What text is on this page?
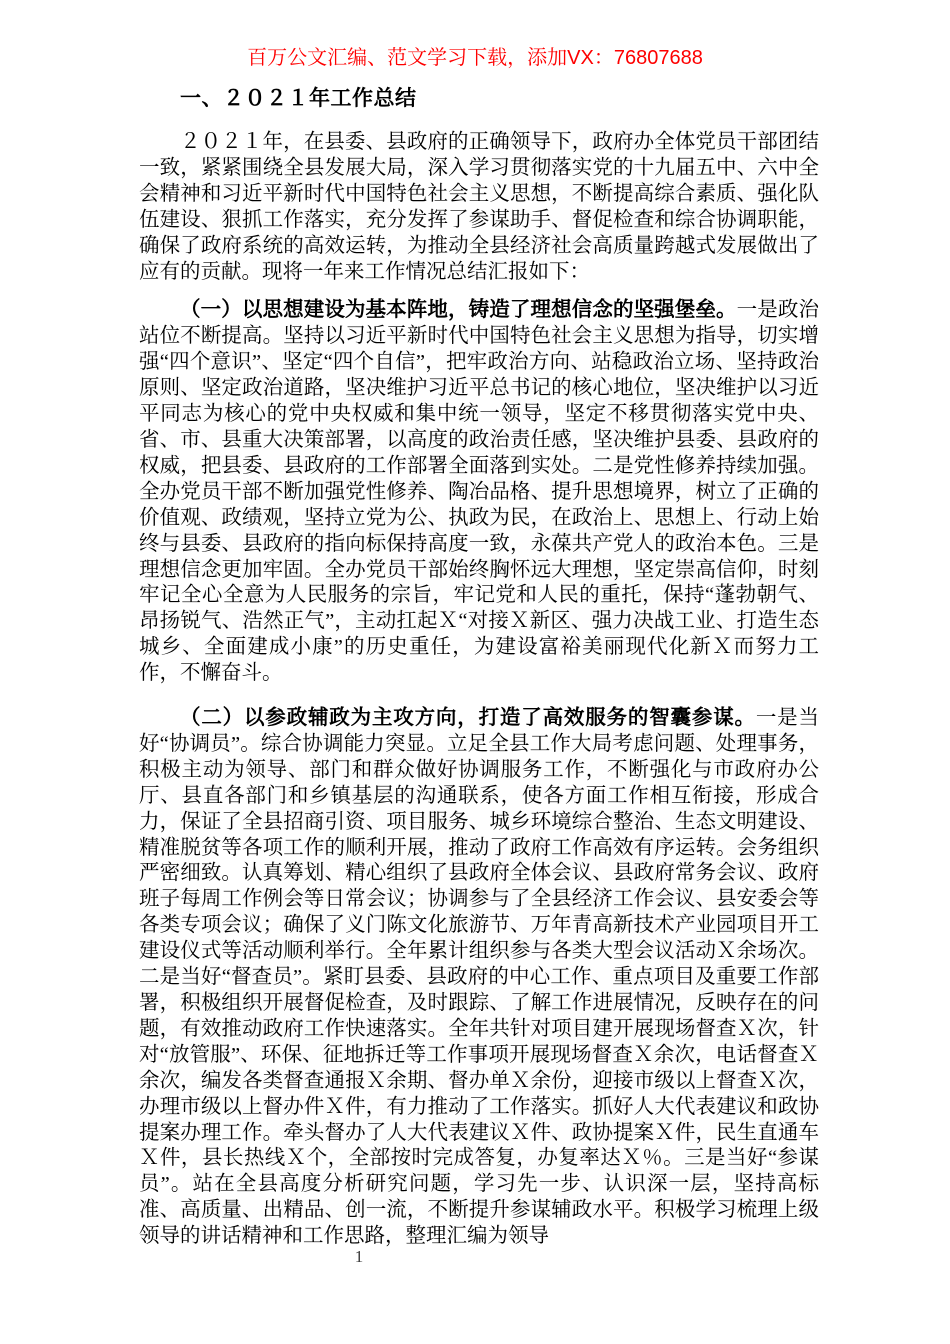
百万公文汇编、范文学习下载，添加VX：76807688

一、２０２１年工作总结

２０２１年，在县委、县政府的正确领导下，政府办全体党员干部团结一致，紧紧围绕全县发展大局，深入学习贯彻落实党的十九届五中、六中全会精神和习近平新时代中国特色社会主义思想，不断提高综合素质、强化队伍建设、狠抓工作落实，充分发挥了参谋助手、督促检查和综合协调职能，确保了政府系统的高效运转，为推动全县经济社会高质量跨越式发展做出了应有的贡献。现将一年来工作情况总结汇报如下：

（一）以思想建设为基本阵地，铸造了理想信念的坚强堡垒。一是政治站位不断提高。坚持以习近平新时代中国特色社会主义思想为指导，切实增强“四个意识”、坚定“四个自信”，把牢政治方向、站稳政治立场、坚持政治原则、坚定政治道路，坚决维护习近平总书记的核心地位，坚决维护以习近平同志为核心的党中央权威和集中统一领导，坚定不移贯彻落实党中央、省、市、县重大决策部署，以高度的政治责任感，坚决维护县委、县政府的权威，把县委、县政府的工作部署全面落到实处。二是党性修养持续加强。全办党员干部不断加强党性修养、陶冶品格、提升思想境界，树立了正确的价值观、政绩观，坚持立党为公、执政为民，在政治上、思想上、行动上始终与县委、县政府的指向标保持高度一致，永葆共产党人的政治本色。三是理想信念更加牢固。全办党员干部始终胸怀远大理想，坚定崇高信仰，时刻牢记全心全意为人民服务的宗旨，牢记党和人民的重托，保持“蓬勃朝气、昂扬锐气、浩然正气”，主动扛起Ｘ“对接Ｘ新区、强力决战工业、打造生态城乡、全面建成小康”的历史重任，为建设富裕美丽现代化新Ｘ而努力工作，不懈奋斗。

（二）以参政辅政为主攻方向，打造了高效服务的智囊参谋。一是当好“协调员”。综合协调能力突显。立足全县工作大局考虑问题、处理事务，积极主动为领导、部门和群众做好协调服务工作，不断强化与市政府办公厅、县直各部门和乡镇基层的沟通联系，使各方面工作相互衔接，形成合力，保证了全县招商引资、项目服务、城乡环境综合整治、生态文明建设、精准脱贫等各项工作的顺利开展，推动了政府工作高效有序运转。会务组织严密细致。认真筹划、精心组织了县政府全体会议、县政府常务会议、政府班子每周工作例会等日常会议；协调参与了全县经济工作会议、县安委会等各类专项会议；确保了义门陈文化旅游节、万年青高新技术产业园项目开工建设仪式等活动顺利举行。全年累计组织参与各类大型会议活动Ｘ余场次。二是当好“督查员”。紧盯县委、县政府的中心工作、重点项目及重要工作部署，积极组织开展督促检查，及时跟踪、了解工作进展情况，反映存在的问题，有效推动政府工作快速落实。全年共针对项目建开展现场督查Ｘ次，针对“放管服”、环保、征地拆迁等工作事项开展现场督查Ｘ余次，电话督查Ｘ余次，编发各类督查通报Ｘ余期、督办单Ｘ余份，迎接市级以上督查Ｘ次，办理市级以上督办件Ｘ件，有力推动了工作落实。抓好人大代表建议和政协提案办理工作。牵头督办了人大代表建议Ｘ件、政协提案Ｘ件，民生直通车Ｘ件，县长热线Ｘ个，全部按时完成答复，办复率达Ｘ％。三是当好“参谋员”。站在全县高度分析研究问题，学习先一步、认识深一层，坚持高标准、高质量、出精品、创一流，不断提升参谋辅政水平。积极学习梳理上级领导的讲话精神和工作思路，整理汇编为领导

1
